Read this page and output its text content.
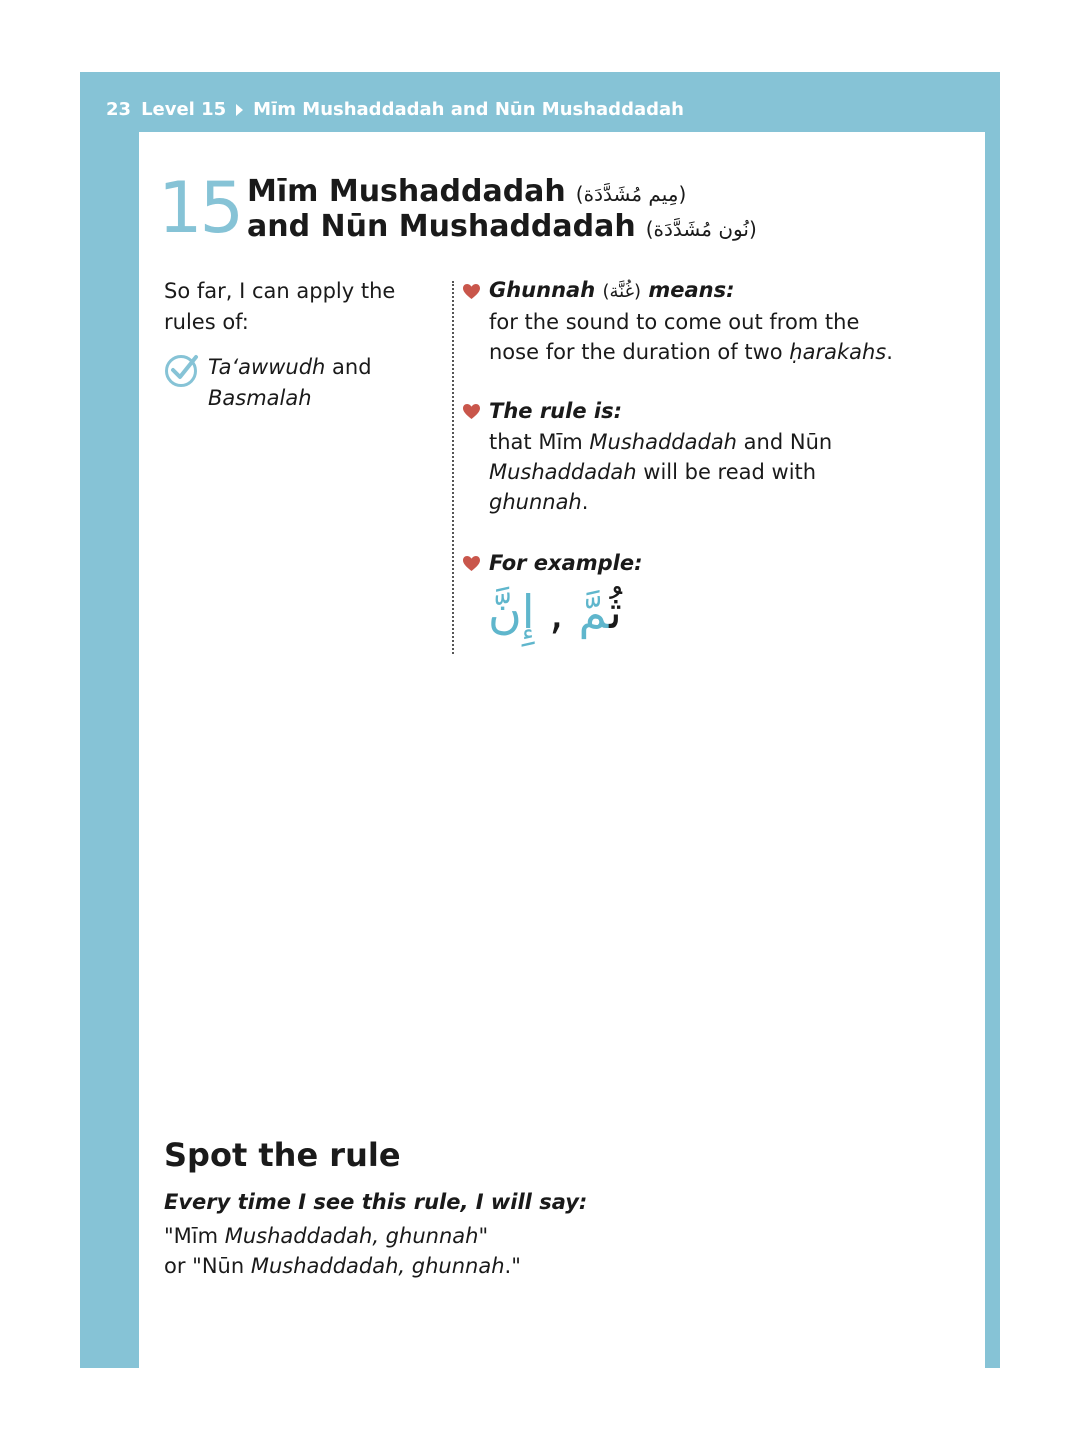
23 Level 15 Mīm Mushaddadah and Nūn Mushaddadah
15 Mīm Mushaddadah (مِيم مُشَدَّدَة)
and Nūn Mushaddadah (نُون مُشَدَّدَة)
So far, I can apply the rules of:
Ta‘awwudh and
Basmalah
Ghunnah (غُنَّة) means:
for the sound to come out from the nose for the duration of two ḥarakahs.
The rule is:
that Mīm Mushaddadah and Nūn
Mushaddadah will be read with
ghunnah.
For example:
ثُمَّ , إِنَّ
Spot the rule
Every time I see this rule, I will say:
"Mīm Mushaddadah, ghunnah"
or "Nūn Mushaddadah, ghunnah."
